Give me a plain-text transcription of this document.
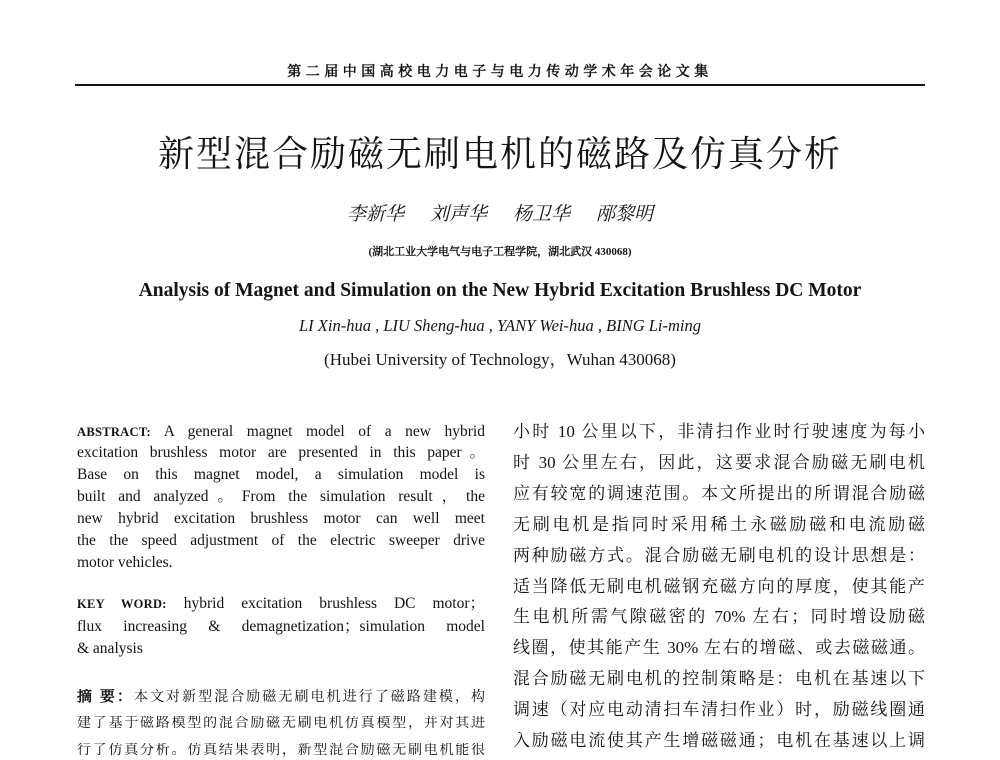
第二届中国高校电力电子与电力传动学术年会论文集
新型混合励磁无刷电机的磁路及仿真分析
李新华 刘声华 杨卫华 邴黎明
(湖北工业大学电气与电子工程学院，湖北武汉 430068)
Analysis of Magnet and Simulation on the New Hybrid Excitation Brushless DC Motor
LI Xin-hua , LIU Sheng-hua , YANY Wei-hua , BING Li-ming
(Hubei University of Technology，Wuhan 430068)
ABSTRACT: A general magnet model of a new hybrid
excitation brushless motor are presented in this paper。
Base on this magnet model, a simulation model is
built and analyzed。From the simulation result，the
new hybrid excitation brushless motor can well meet
the the speed adjustment of the electric sweeper drive
motor vehicles.
KEY WORD: hybrid excitation brushless DC motor；
flux increasing & demagnetization；simulation model
& analysis
摘 要：本文对新型混合励磁无刷电机进行了磁路建模，构
建了基于磁路模型的混合励磁无刷电机仿真模型，并对其进
行了仿真分析。仿真结果表明，新型混合励磁无刷电机能很
小时 10 公里以下，非清扫作业时行驶速度为每小
时 30 公里左右，因此，这要求混合励磁无刷电机
应有较宽的调速范围。本文所提出的所谓混合励磁
无刷电机是指同时采用稀土永磁励磁和电流励磁
两种励磁方式。混合励磁无刷电机的设计思想是：
适当降低无刷电机磁钢充磁方向的厚度，使其能产
生电机所需气隙磁密的 70% 左右；同时增设励磁
线圈，使其能产生 30% 左右的增磁、或去磁磁通。
混合励磁无刷电机的控制策略是：电机在基速以下
调速（对应电动清扫车清扫作业）时，励磁线圈通
入励磁电流使其产生增磁磁通；电机在基速以上调
